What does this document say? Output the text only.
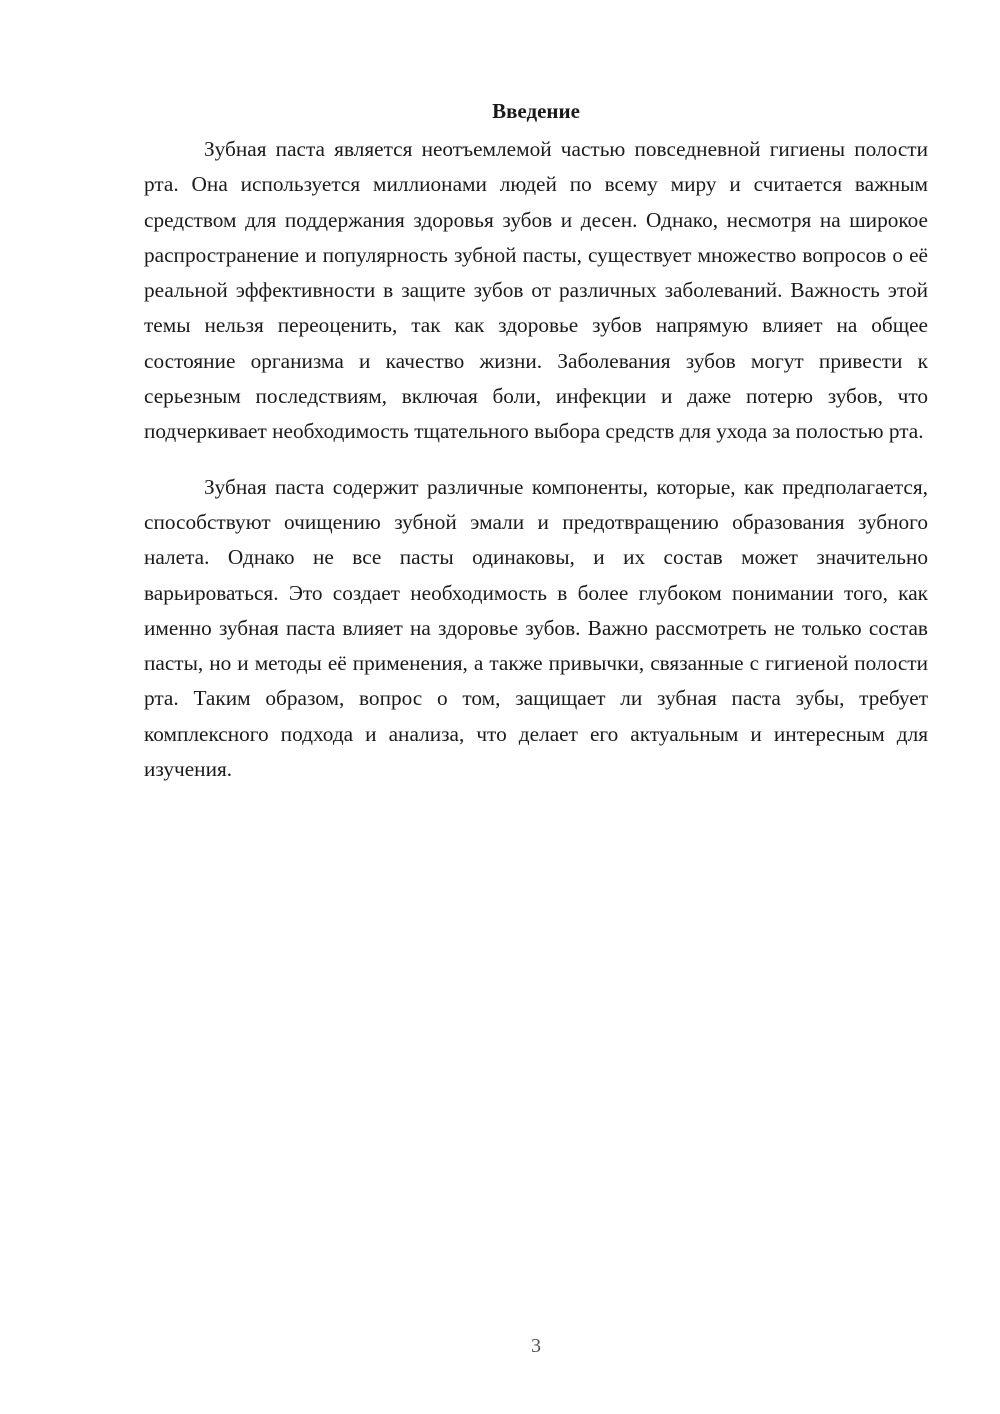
Введение

Зубная паста является неотъемлемой частью повседневной гигиены полости рта. Она используется миллионами людей по всему миру и считается важным средством для поддержания здоровья зубов и десен. Однако, несмотря на широкое распространение и популярность зубной пасты, существует множество вопросов о её реальной эффективности в защите зубов от различных заболеваний. Важность этой темы нельзя переоценить, так как здоровье зубов напрямую влияет на общее состояние организма и качество жизни. Заболевания зубов могут привести к серьезным последствиям, включая боли, инфекции и даже потерю зубов, что подчеркивает необходимость тщательного выбора средств для ухода за полостью рта.

Зубная паста содержит различные компоненты, которые, как предполагается, способствуют очищению зубной эмали и предотвращению образования зубного налета. Однако не все пасты одинаковы, и их состав может значительно варьироваться. Это создает необходимость в более глубоком понимании того, как именно зубная паста влияет на здоровье зубов. Важно рассмотреть не только состав пасты, но и методы её применения, а также привычки, связанные с гигиеной полости рта. Таким образом, вопрос о том, защищает ли зубная паста зубы, требует комплексного подхода и анализа, что делает его актуальным и интересным для изучения.

3
